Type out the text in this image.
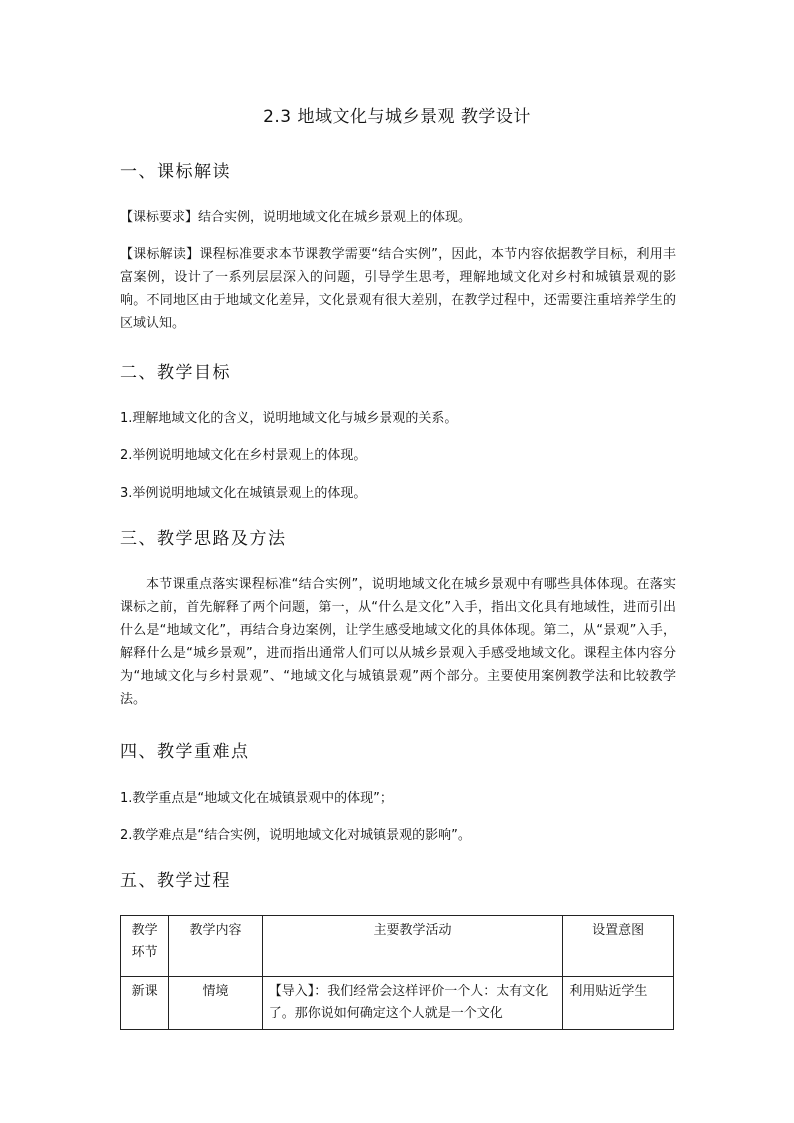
2.3 地域文化与城乡景观 教学设计
一、课标解读
【课标要求】结合实例，说明地域文化在城乡景观上的体现。
【课标解读】课程标准要求本节课教学需要“结合实例”，因此，本节内容依据教学目标，利用丰富案例，设计了一系列层层深入的问题，引导学生思考，理解地域文化对乡村和城镇景观的影响。不同地区由于地域文化差异，文化景观有很大差别，在教学过程中，还需要注重培养学生的区域认知。
二、教学目标
1.理解地域文化的含义，说明地域文化与城乡景观的关系。
2.举例说明地域文化在乡村景观上的体现。
3.举例说明地域文化在城镇景观上的体现。
三、教学思路及方法
本节课重点落实课程标准“结合实例”，说明地域文化在城乡景观中有哪些具体体现。在落实课标之前，首先解释了两个问题，第一，从“什么是文化”入手，指出文化具有地域性，进而引出什么是“地域文化”，再结合身边案例，让学生感受地域文化的具体体现。第二，从“景观”入手，解释什么是“城乡景观”，进而指出通常人们可以从城乡景观入手感受地域文化。课程主体内容分为“地域文化与乡村景观”、“地域文化与城镇景观”两个部分。主要使用案例教学法和比较教学法。
四、教学重难点
1.教学重点是“地域文化在城镇景观中的体现”；
2.教学难点是“结合实例，说明地域文化对城镇景观的影响”。
五、教学过程
教学环节	教学内容	主要教学活动	设置意图
新课	情境	【导入】：我们经常会这样评价一个人：太有文化了。那你说如何确定这个人就是一个文化	利用贴近学生
